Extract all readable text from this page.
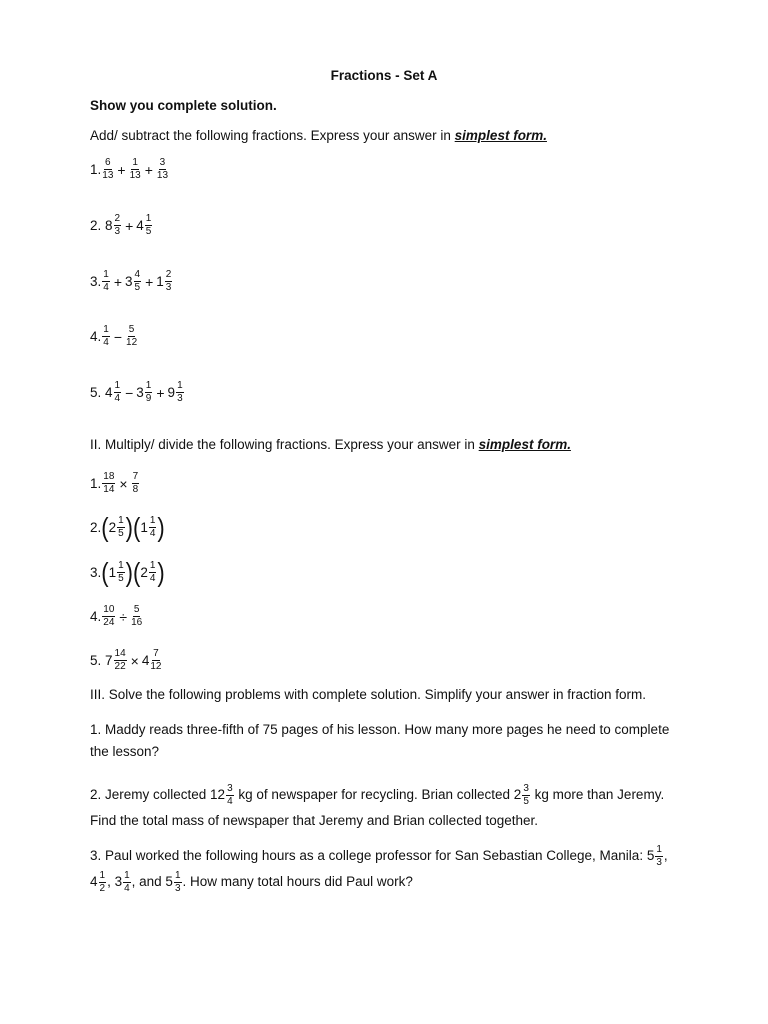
Fractions - Set A
Show you complete solution.
Add/ subtract the following fractions. Express your answer in simplest form.
1. $\frac{6}{13} + \frac{1}{13} + \frac{3}{13}$
2. $8 \frac{2}{3} + 4 \frac{1}{5}$
3. $\frac{1}{4} + 3 \frac{4}{5} + 1 \frac{2}{3}$
4. $\frac{1}{4} - \frac{5}{12}$
5. $4 \frac{1}{4} - 3 \frac{1}{9} + 9 \frac{1}{3}$
II. Multiply/ divide the following fractions. Express your answer in simplest form.
1. $\frac{18}{14} \times \frac{7}{8}$
2. ( $2 \frac{1}{5}$ ) ( $1 \frac{1}{4}$ )
3. ( $1 \frac{1}{5}$ ) ( $2 \frac{1}{4}$ )
4. $\frac{10}{24} \div \frac{5}{16}$
5. $7 \frac{14}{22} \times 4 \frac{7}{12}$
III. Solve the following problems with complete solution. Simplify your answer in fraction form.
1. Maddy reads three-fifth of 75 pages of his lesson. How many more pages he need to complete the lesson?
2. Jeremy collected $12 \frac{3}{4}$ kg of newspaper for recycling. Brian collected $2 \frac{3}{5}$ kg more than Jeremy.
Find the total mass of newspaper that Jeremy and Brian collected together.
3. Paul worked the following hours as a college professor for San Sebastian College, Manila: $5 \frac{1}{3}$ ,
$4 \frac{1}{2}$ , $3 \frac{1}{4}$ , and $5 \frac{1}{3}$ . How many total hours did Paul work?
